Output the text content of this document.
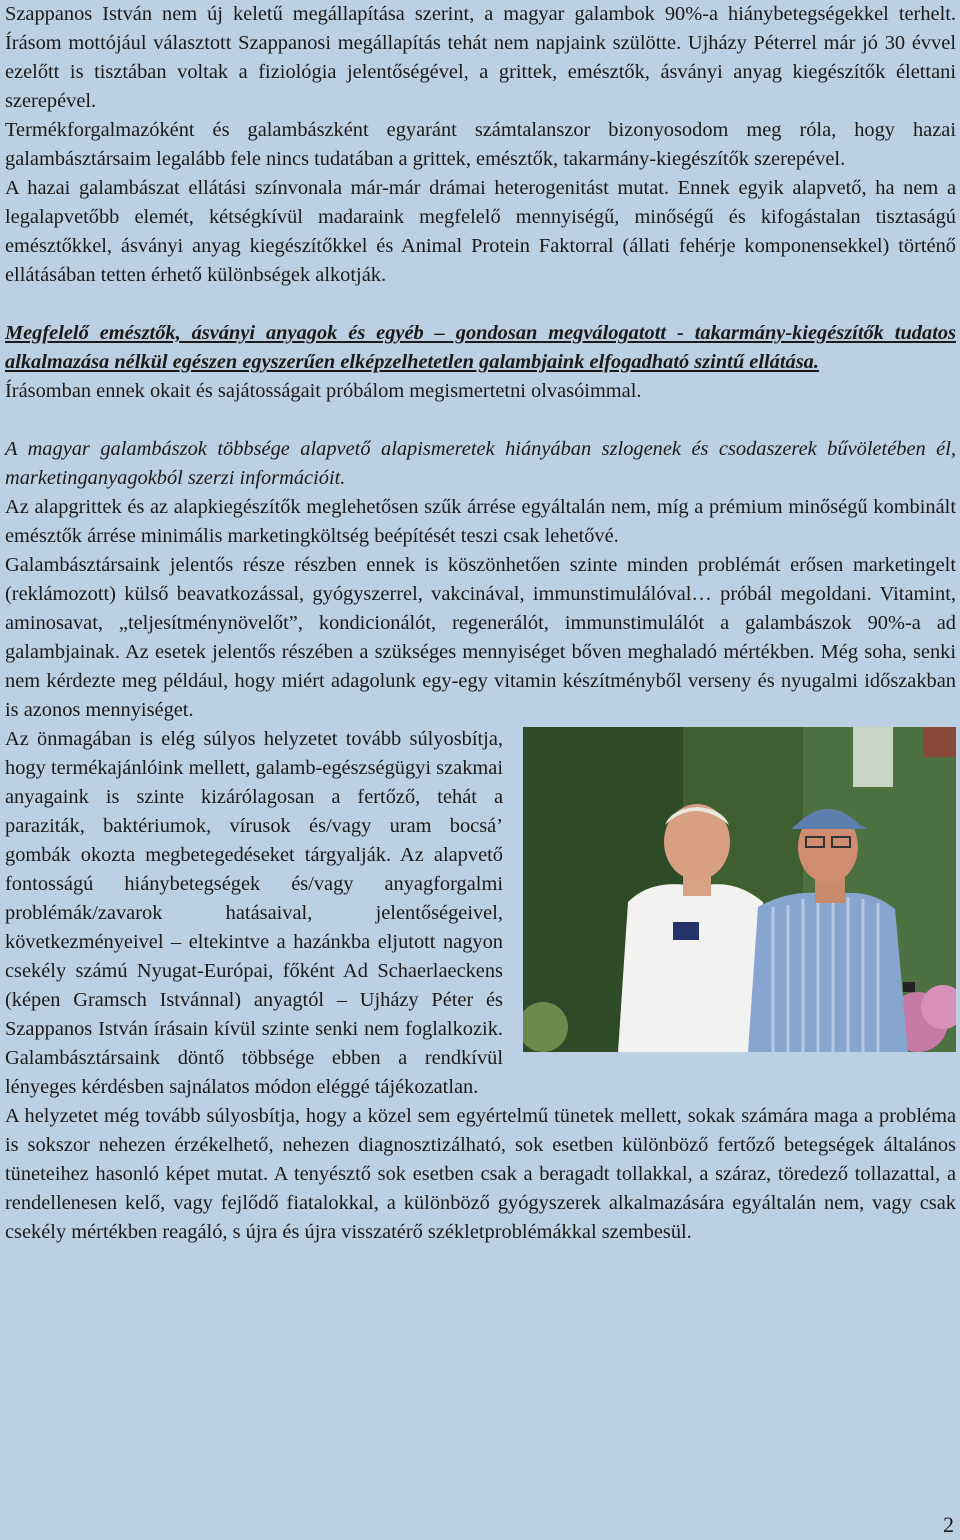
Szappanos István nem új keletű megállapítása szerint, a magyar galambok 90%-a hiánybetegségekkel terhelt. Írásom mottójául választott Szappanosi megállapítás tehát nem napjaink szülötte. Ujházy Péterrel már jó 30 évvel ezelőtt is tisztában voltak a fiziológia jelentőségével, a grittek, emésztők, ásványi anyag kiegészítők élettani szerepével.

Termékforgalmazóként és galambászként egyaránt számtalanszor bizonyosodom meg róla, hogy hazai galambásztársaim legalább fele nincs tudatában a grittek, emésztők, takarmány-kiegészítők szerepével.

A hazai galambászat ellátási színvonala már-már drámai heterogenitást mutat. Ennek egyik alapvető, ha nem a legalapvetőbb elemét, kétségkívül madaraink megfelelő mennyiségű, minőségű és kifogástalan tisztaságú emésztőkkel, ásványi anyag kiegészítőkkel és Animal Protein Faktorral (állati fehérje komponensekkel) történő ellátásában tetten érhető különbségek alkotják.

Megfelelő emésztők, ásványi anyagok és egyéb – gondosan megválogatott - takarmány-kiegészítők tudatos alkalmazása nélkül egészen egyszerűen elképzelhetetlen galambjaink elfogadható szintű ellátása.

Írásomban ennek okait és sajátosságait próbálom megismertetni olvasóimmal.

A magyar galambászok többsége alapvető alapismeretek hiányában szlogenek és csodaszerek bűvöletében él, marketinganyagokból szerzi információit.

Az alapgrittek és az alapkiegészítők meglehetősen szűk árrése egyáltalán nem, míg a prémium minőségű kombinált emésztők árrése minimális marketingköltség beépítését teszi csak lehetővé.

Galambásztársaink jelentős része részben ennek is köszönhetően szinte minden problémát erősen marketingelt (reklámozott) külső beavatkozással, gyógyszerrel, vakcinával, immunstimulálóval… próbál megoldani. Vitamint, aminosavat, „teljesítménynövelőt”, kondicionálót, regenerálót, immunstimulálót a galambászok 90%-a ad galambjainak. Az esetek jelentős részében a szükséges mennyiséget bőven meghaladó mértékben. Még soha, senki nem kérdezte meg például, hogy miért adagolunk egy-egy vitamin készítményből verseny és nyugalmi időszakban is azonos mennyiséget.

Az önmagában is elég súlyos helyzetet tovább súlyosbítja, hogy termékajánlóink mellett, galamb-egészségügyi szakmai anyagaink is szinte kizárólagosan a fertőző, tehát a paraziták, baktériumok, vírusok és/vagy uram bocsá’ gombák okozta megbetegedéseket tárgyalják. Az alapvető fontosságú hiánybetegségek és/vagy anyagforgalmi problémák/zavarok hatásaival, jelentőségeivel, következményeivel – eltekintve a hazánkba eljutott nagyon csekély számú Nyugat-Európai, főként Ad Schaerlaeckens (képen Gramsch Istvánnal) anyagtól – Ujházy Péter és Szappanos István írásain kívül szinte senki nem foglalkozik. Galambásztársaink döntő többsége ebben a rendkívül lényeges kérdésben sajnálatos módon eléggé tájékozatlan.

A helyzetet még tovább súlyosbítja, hogy a közel sem egyértelmű tünetek mellett, sokak számára maga a probléma is sokszor nehezen érzékelhető, nehezen diagnosztizálható, sok esetben különböző fertőző betegségek általános tüneteihez hasonló képet mutat. A tenyésztő sok esetben csak a beragadt tollakkal, a száraz, töredező tollazattal, a rendellenesen kelő, vagy fejlődő fiatalokkal, a különböző gyógyszerek alkalmazására egyáltalán nem, vagy csak csekély mértékben reagáló, s újra és újra visszatérő székletproblémákkal szembesül.

2
